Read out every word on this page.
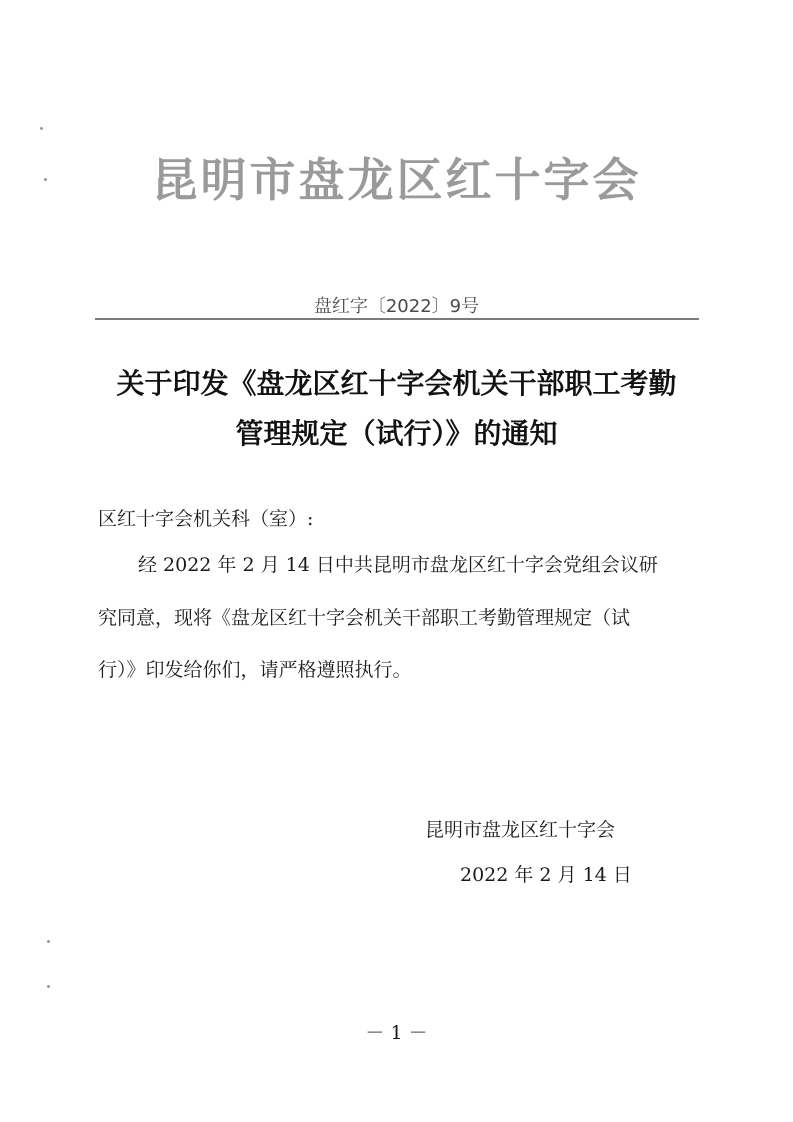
昆明市盘龙区红十字会
盘红字〔2022〕9号
关于印发《盘龙区红十字会机关干部职工考勤
管理规定（试行）》的通知
区红十字会机关科（室）:
经 2022 年 2 月 14 日中共昆明市盘龙区红十字会党组会议研
究同意，现将《盘龙区红十字会机关干部职工考勤管理规定（试
行）》印发给你们，请严格遵照执行。
昆明市盘龙区红十字会
2022 年 2 月 14 日
－ 1 －
